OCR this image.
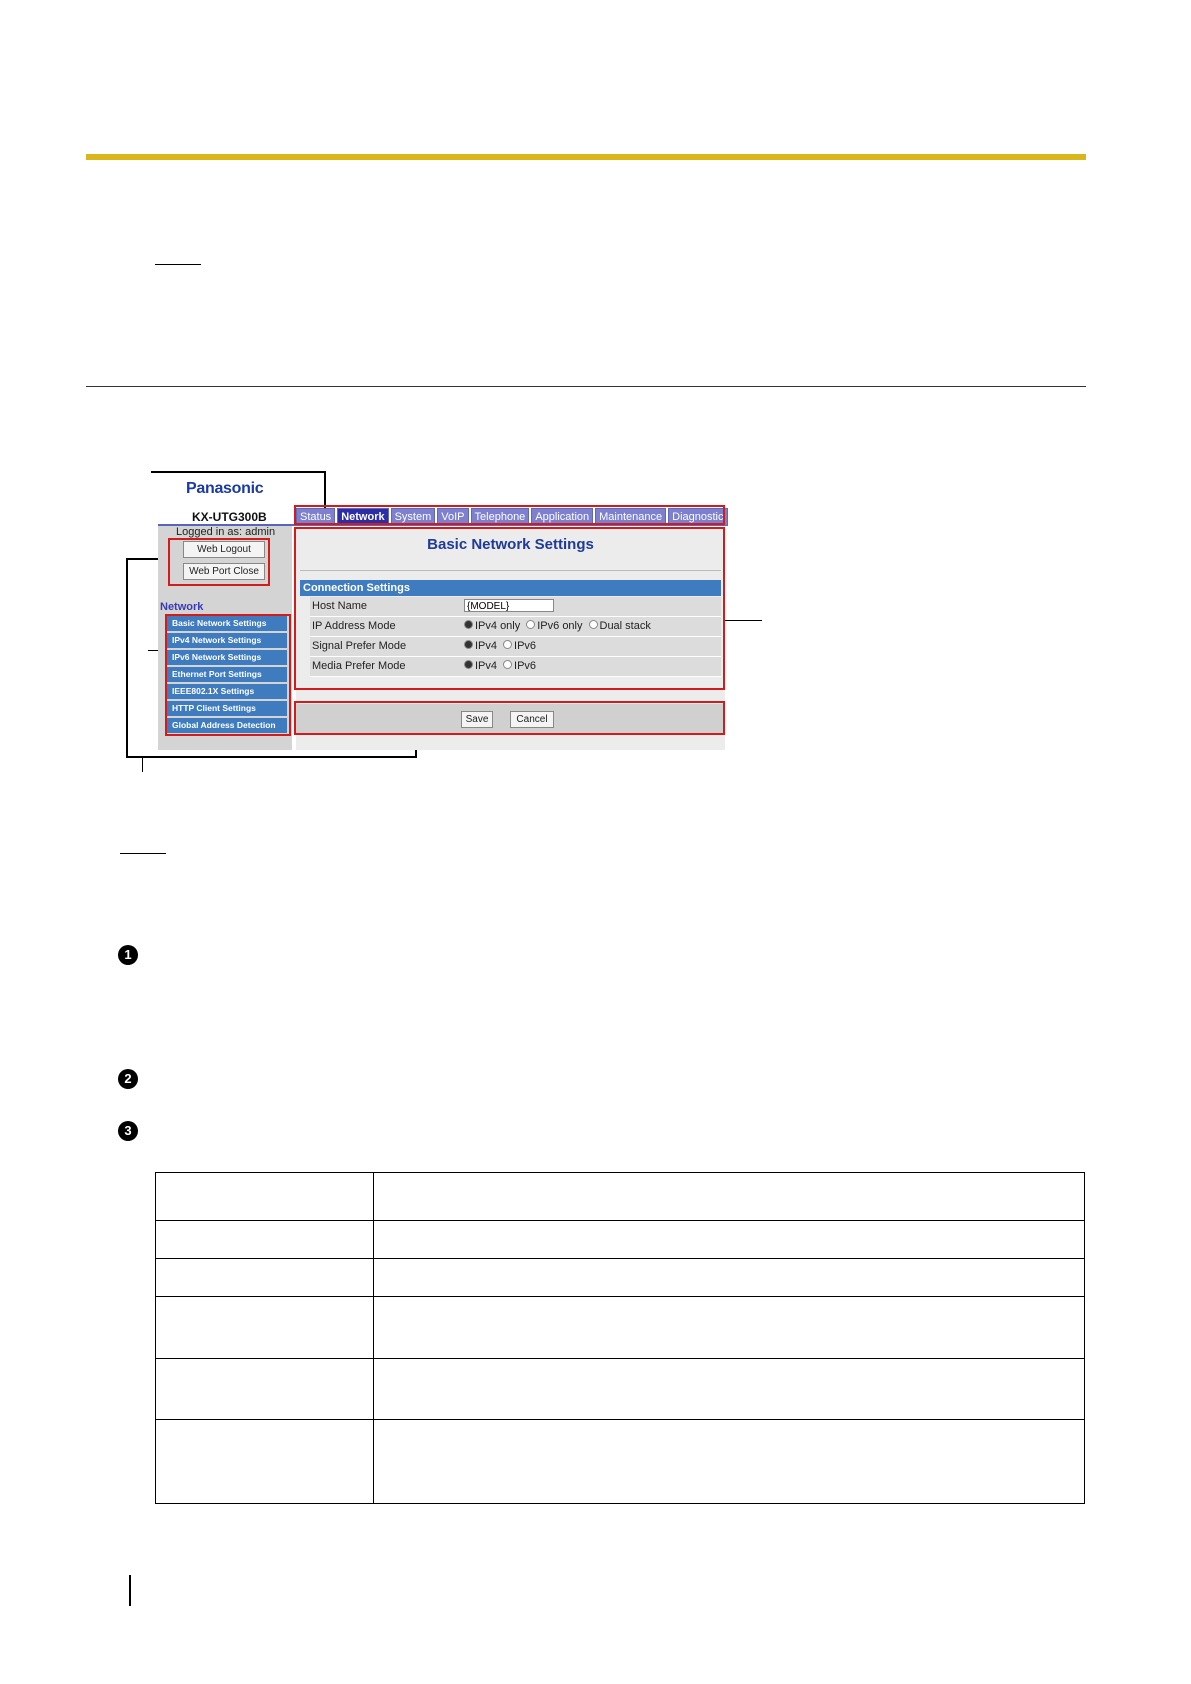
Panasonic
KX-UTG300B	Status Network System VoIP Telephone Application Maintenance Diagnostic
Logged in as: admin
Web Logout
Web Port Close
Network
Basic Network Settings
IPv4 Network Settings
IPv6 Network Settings
Ethernet Port Settings
IEEE802.1X Settings
HTTP Client Settings
Global Address Detection
Basic Network Settings
Connection Settings
Host Name	{MODEL}
IP Address Mode	IPv4 only	IPv6 only	Dual stack
Signal Prefer Mode	IPv4	IPv6
Media Prefer Mode	IPv4	IPv6
Save	Cancel
1
2
3
